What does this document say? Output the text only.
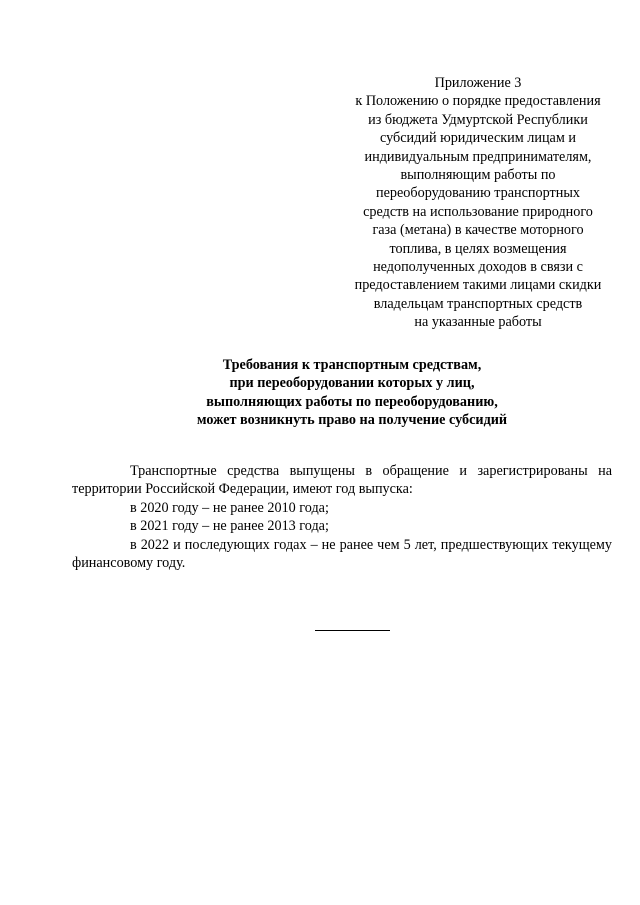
Приложение 3
к Положению о порядке предоставления
из бюджета Удмуртской Республики
субсидий юридическим лицам и
индивидуальным предпринимателям,
выполняющим работы по
переоборудованию транспортных
средств на использование природного
газа (метана) в качестве моторного
топлива, в целях возмещения
недополученных доходов в связи с
предоставлением такими лицами скидки
владельцам транспортных средств
на указанные работы
Требования к транспортным средствам,
при переоборудовании которых у лиц,
выполняющих работы по переоборудованию,
может возникнуть право на получение субсидий

Транспортные средства выпущены в обращение и зарегистрированы на территории Российской Федерации, имеют год выпуска:

в 2020 году – не ранее 2010 года;

в 2021 году – не ранее 2013 года;

в 2022 и последующих годах – не ранее чем 5 лет, предшествующих текущему финансовому году.
